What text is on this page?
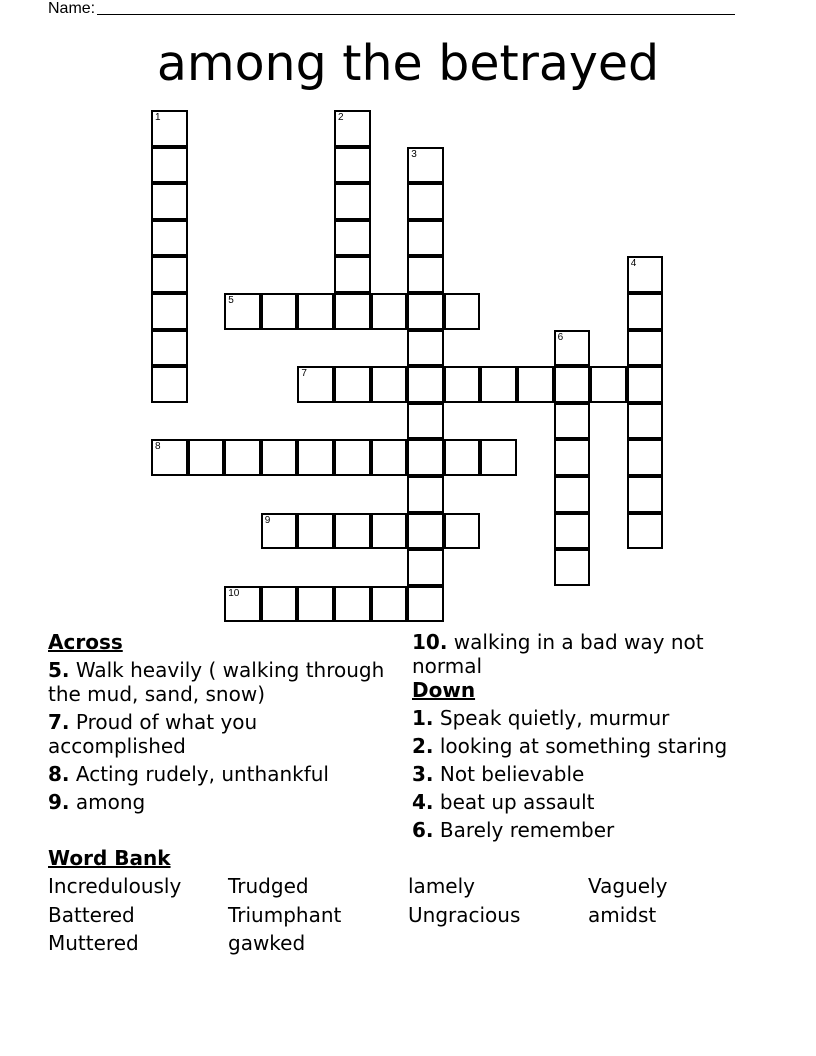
Name:
among the betrayed
1	2
3
4
5
6
7
8
9
10
Across
5. Walk heavily ( walking through the mud, sand, snow)
7. Proud of what you accomplished
8. Acting rudely, unthankful
9. among
10. walking in a bad way not normal
Down
1. Speak quietly, murmur
2. looking at something staring
3. Not believable
4. beat up assault
6. Barely remember
Word Bank
Incredulously Trudged	lamely	Vaguely
Battered	Triumphant	Ungracious	amidst
Muttered	gawked
